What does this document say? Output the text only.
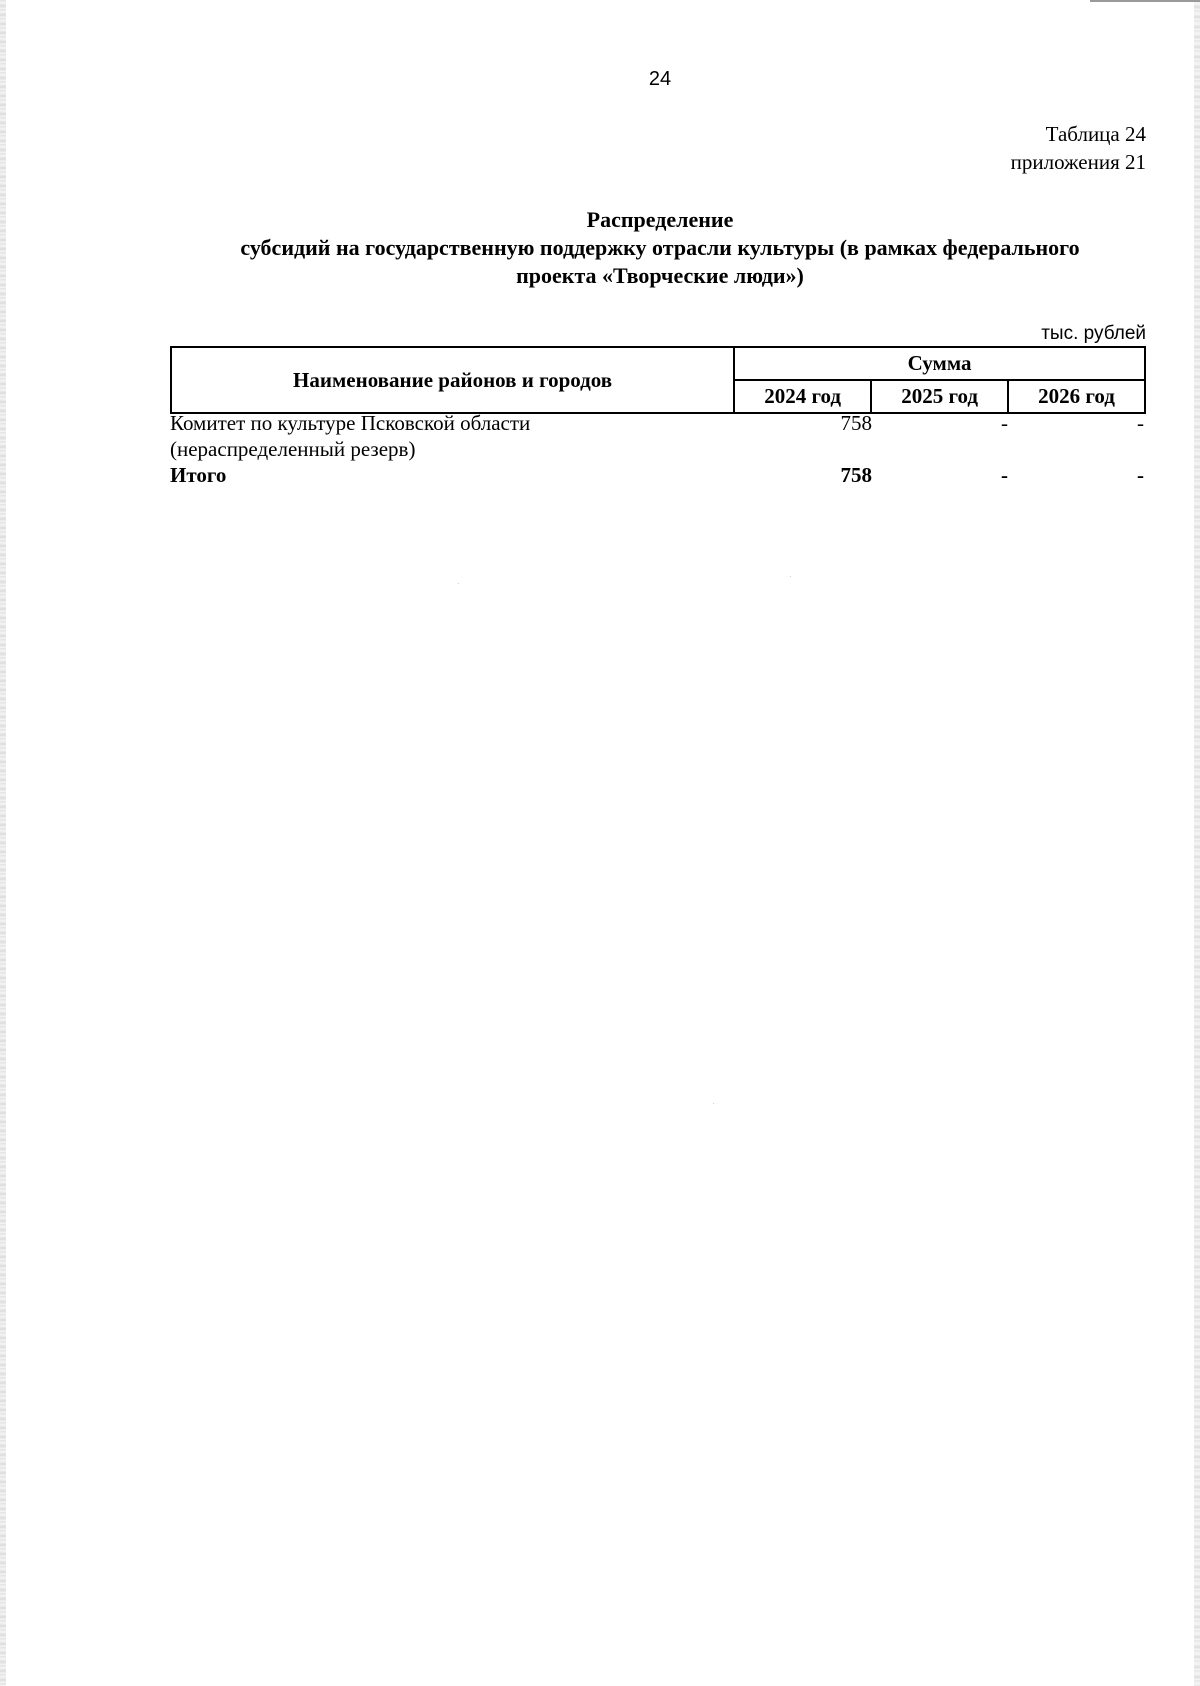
24
Таблица 24
приложения 21
Распределение
субсидий на государственную поддержку отрасли культуры (в рамках федерального
проекта «Творческие люди»)
тыс. рублей
Наименование районов и городов	Сумма		
	2024 год	2025 год	2026 год
Комитет по культуре Псковской области
(нераспределенный резерв)
758	-	-
Итого	758	-	-
